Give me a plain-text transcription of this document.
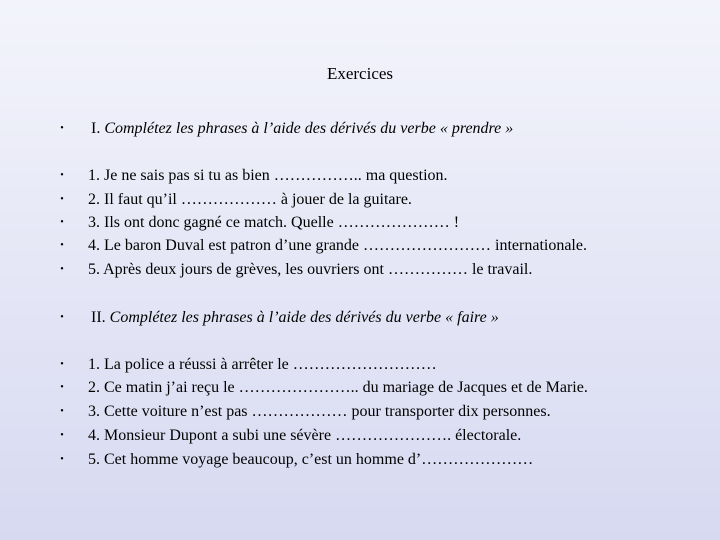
Exercices
• I. Complétez les phrases à l’aide des dérivés du verbe « prendre »
• 1. Je ne sais pas si tu as bien …………….. ma question.
• 2. Il faut qu’il ……………… à jouer de la guitare.
• 3. Ils ont donc gagné ce match. Quelle ………………… !
• 4. Le baron Duval est patron d’une grande …………………… internationale.
• 5. Après deux jours de grèves, les ouvriers ont …………… le travail.
• II. Complétez les phrases à l’aide des dérivés du verbe « faire »
• 1. La police a réussi à arrêter le ………………………
• 2. Ce matin j’ai reçu le ………………….. du mariage de Jacques et de Marie.
• 3. Cette voiture n’est pas ……………… pour transporter dix personnes.
• 4. Monsieur Dupont a subi une sévère …………………. électorale.
• 5. Cet homme voyage beaucoup, c’est un homme d’…………………
